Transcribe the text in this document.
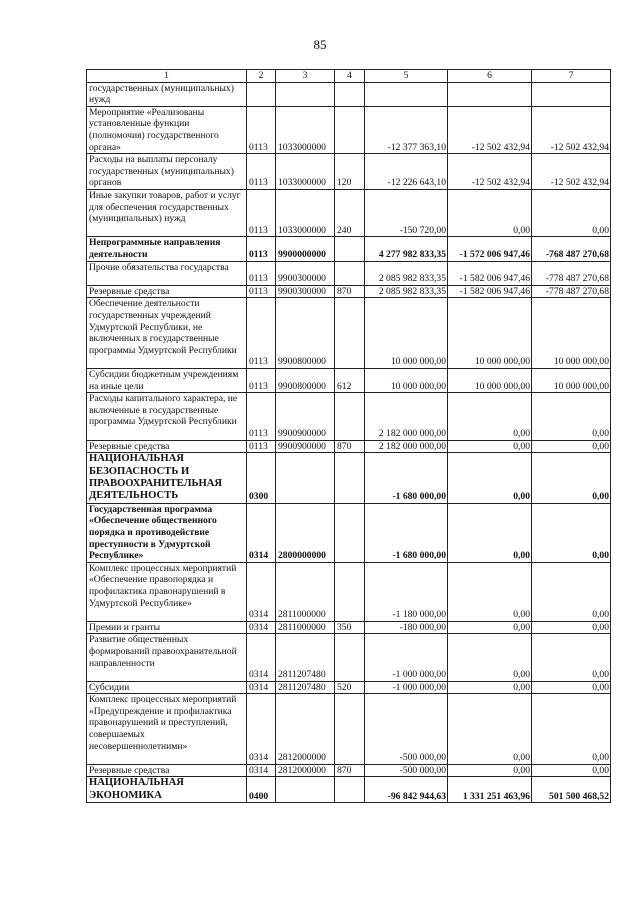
85
1	2	3	4	5	6	7
государственных (муниципальных) нужд						
Мероприятие «Реализованы установленные функции (полномочия) государственного органа»	0113	1033000000		-12 377 363,10	-12 502 432,94	-12 502 432,94
Расходы на выплаты персоналу государственных (муниципальных) органов	0113	1033000000	120	-12 226 643,10	-12 502 432,94	-12 502 432,94
Иные закупки товаров, работ и услуг для обеспечения государственных (муниципальных) нужд	0113	1033000000	240	-150 720,00	0,00	0,00
Непрограммные направления деятельности	0113	9900000000		4 277 982 833,35	-1 572 006 947,46	-768 487 270,68
Прочие обязательства государства	0113	9900300000		2 085 982 833,35	-1 582 006 947,46	-778 487 270,68
Резервные средства	0113	9900300000	870	2 085 982 833,35	-1 582 006 947,46	-778 487 270,68
Обеспечение деятельности государственных учреждений Удмуртской Республики, не включенных в государственные программы Удмуртской Республики	0113	9900800000		10 000 000,00	10 000 000,00	10 000 000,00
Субсидии бюджетным учреждениям на иные цели	0113	9900800000	612	10 000 000,00	10 000 000,00	10 000 000,00
Расходы капитального характера, не включенные в государственные программы Удмуртской Республики	0113	9900900000		2 182 000 000,00	0,00	0,00
Резервные средства	0113	9900900000	870	2 182 000 000,00	0,00	0,00
НАЦИОНАЛЬНАЯ БЕЗОПАСНОСТЬ И ПРАВООХРАНИТЕЛЬНАЯ ДЕЯТЕЛЬНОСТЬ	0300			-1 680 000,00	0,00	0,00
Государственная программа «Обеспечение общественного порядка и противодействие преступности в Удмуртской Республике»	0314	2800000000		-1 680 000,00	0,00	0,00
Комплекс процессных мероприятий «Обеспечение правопорядка и профилактика правонарушений в Удмуртской Республике»	0314	2811000000		-1 180 000,00	0,00	0,00
Премии и гранты	0314	2811000000	350	-180 000,00	0,00	0,00
Развитие общественных формирований правоохранительной направленности	0314	2811207480		-1 000 000,00	0,00	0,00
Субсидии	0314	2811207480	520	-1 000 000,00	0,00	0,00
Комплекс процессных мероприятий «Предупреждение и профилактика правонарушений и преступлений, совершаемых несовершеннолетними»	0314	2812000000		-500 000,00	0,00	0,00
Резервные средства	0314	2812000000	870	-500 000,00	0,00	0,00
НАЦИОНАЛЬНАЯ ЭКОНОМИКА	0400			-96 842 944,63	1 331 251 463,96	501 500 468,52
